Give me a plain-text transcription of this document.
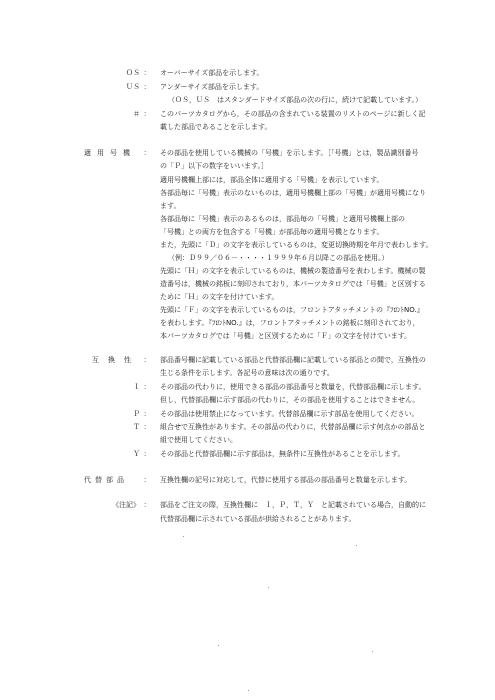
ＯＳ ： オーバーサイズ部品を示します。
ＵＳ ： アンダーサイズ部品を示します。
（ＯＳ，ＵＳ　はスタンダードサイズ部品の次の行に，続けて記載しています。）
＃ ： このパーツカタログから，その部品の含まれている装置のリストのページに新しく記
載した部品であることを示します。
適用号機 ： その部品を使用している機械の「号機」を示します。［「号機」とは，製品識別番号
の「Ｐ」以下の数字をいいます。］
適用号機欄上部には，部品全体に適用する「号機」を表示しています。
各部品毎に「号機」表示のないものは，適用号機欄上部の「号機」が適用号機になり
ます。
各部品毎に「号機」表示のあるものは，部品毎の「号機」と適用号機欄上部の
「号機」との両方を包含する「号機」が部品毎の適用号機となります。
また，先頭に「Ｄ」の文字を表示しているものは，変更切換時期を年月で表わします。
（例：Ｄ９９／０６－・・・・１９９９年６月以降この部品を使用。）
先頭に「Ｈ」の文字を表示しているものは，機械の製造番号を表わします。機械の製
造番号は，機械の銘板に刻印されており，本パーツカタログでは「号機」と区別する
ために「Ｈ」の文字を付けています。
先頭に「Ｆ」の文字を表示しているものは，フロントアタッチメントの『ﾌﾛﾝﾄNO.』
を表わします。『ﾌﾛﾝﾄNO.』は，フロントアタッチメントの銘板に刻印されており，
本パーツカタログでは「号機」と区別するために「Ｆ」の文字を付けています。
互換性 ： 部品番号欄に記載している部品と代替部品欄に記載している部品との間で，互換性の
生じる条件を示します。各記号の意味は次の通りです。
Ｉ ： その部品の代わりに，使用できる部品の部品番号と数量を，代替部品欄に示します。
但し，代替部品欄に示す部品の代わりに，その部品を使用することはできません。
Ｐ ： その部品は使用禁止になっています。代替部品欄に示す部品を使用してください。
Ｔ ： 組合せで互換性があります。その部品の代わりに，代替部品欄に示す何点かの部品と
組で使用してください。
Ｙ ： その部品と代替部品欄に示す部品は，無条件に互換性があることを示します。
代替部品 ： 互換性欄の記号に対応して，代替に使用する部品の部品番号と数量を示します。
《注記》 ： 部品をご注文の際，互換性欄に　Ｉ，Ｐ，Ｔ，Ｙ　と記載されている場合，自動的に
代替部品欄に示されている部品が供給されることがあります。
